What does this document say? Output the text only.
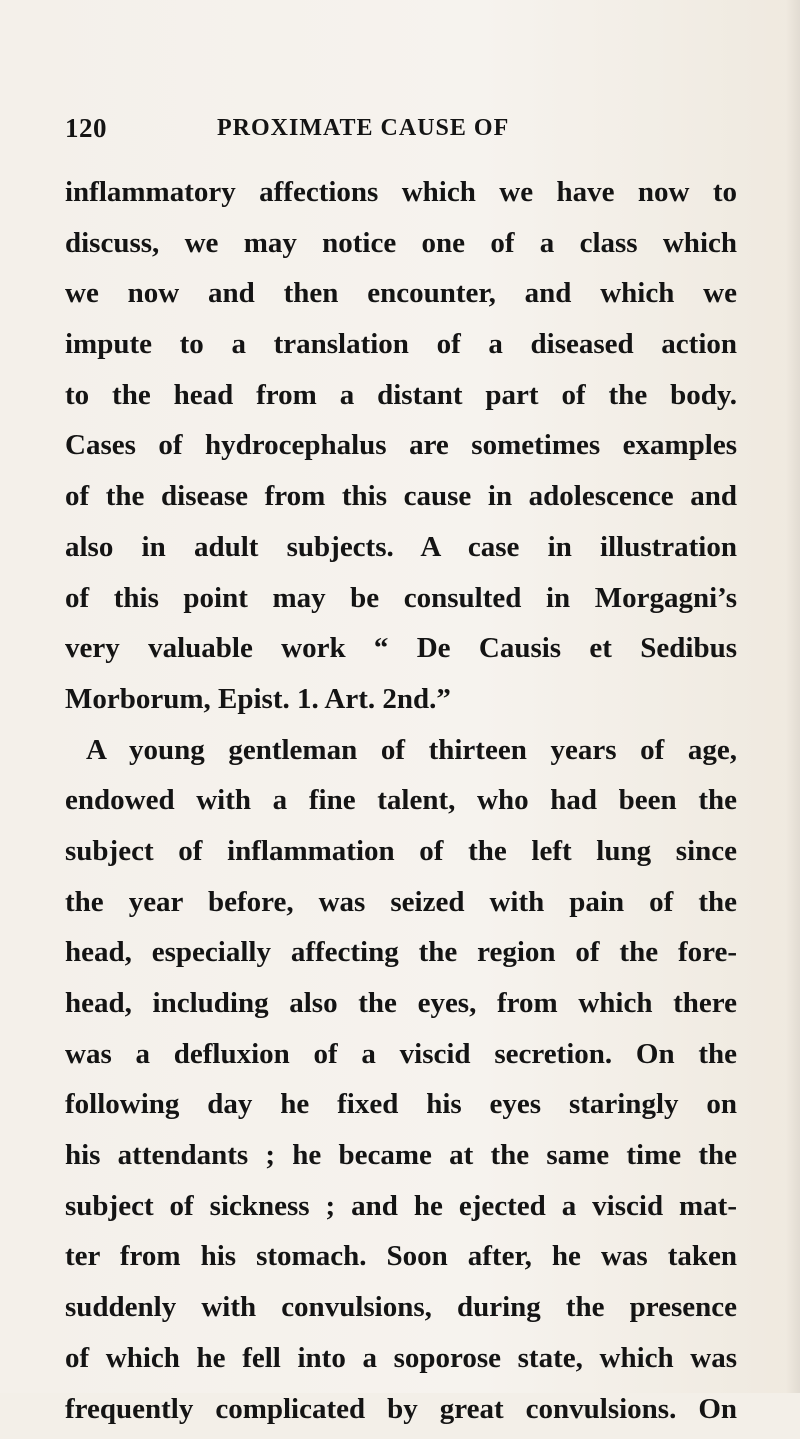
120	PROXIMATE CAUSE OF
inflammatory affections which we have now to
discuss, we may notice one of a class which
we now and then encounter, and which we
impute to a translation of a diseased action
to the head from a distant part of the body.
Cases of hydrocephalus are sometimes examples
of the disease from this cause in adolescence and
also in adult subjects. A case in illustration
of this point may be consulted in Morgagni’s
very valuable work “ De Causis et Sedibus
Morborum, Epist. 1. Art. 2nd.”
A young gentleman of thirteen years of age,
endowed with a fine talent, who had been the
subject of inflammation of the left lung since
the year before, was seized with pain of the
head, especially affecting the region of the fore-
head, including also the eyes, from which there
was a defluxion of a viscid secretion. On the
following day he fixed his eyes staringly on
his attendants ; he became at the same time the
subject of sickness ; and he ejected a viscid mat-
ter from his stomach. Soon after, he was taken
suddenly with convulsions, during the presence
of which he fell into a soporose state, which was
frequently complicated by great convulsions. On
